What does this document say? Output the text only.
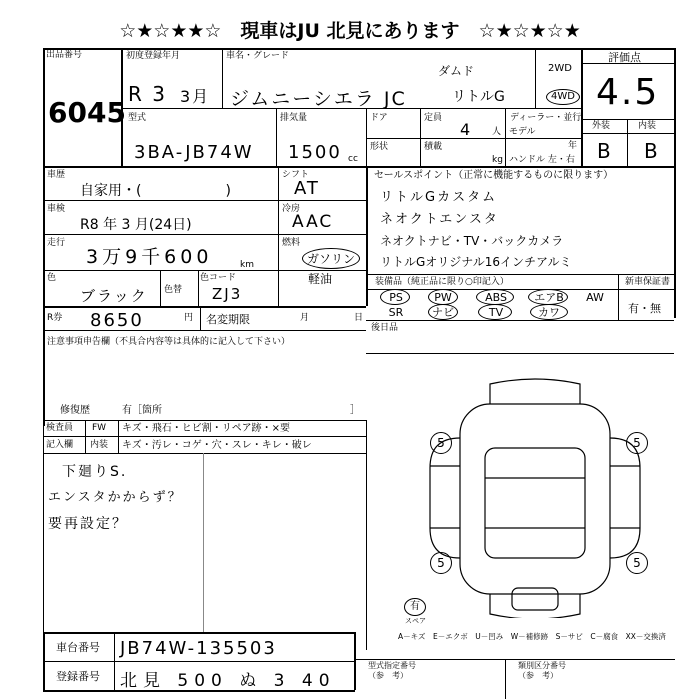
☆★☆★★☆　現車はJU 北見にあります　☆★☆★☆★
出品番号
6045
初度登録年月
R 3 3月
車名・グレード
ジムニーシエラ JC
ダムド
リトルG
2WD
4WD
評価点
4.5
外装	内装
B B
型式
3BA-JB74W
排気量
1500 cc
ドア	定員
4 人
ディーラー・並行
モデル
年
形状	積載
kg ハンドル 左・右
車歴
自家用・(　　　　　　)
シフト
AT
車検
R8 年 3 月(24日)
冷房
AAC
走行
3万9千600	km
燃料
ガソリン
軽油
色
ブラック 色替
色コード
ZJ3
R券 8650	円 名変期限	月	日
注意事項申告欄（不具合内容等は具体的に記入して下さい）
修復歴	有［箇所	］
検査員
記入欄
FW キズ・飛石・ヒビ割・リペア跡・×要
内装 キズ・汚レ・コゲ・穴・スレ・キレ・破レ
下廻りS.
エンスタかからず？
要再設定？
セールスポイント（正常に機能するものに限ります）
リトルGカスタム
ネオクトエンスタ
ネオクトナビ・TV・バックカメラ
リトルGオリジナル16インチアルミ
装備品（純正品に限り○印記入）	新車保証書
有・無
PS	PW	ABS	エアB	AW
SR	ナビ	TV	カワ
後日品
5	5
5	5
有
スペア
A－キズ　E－エクボ　U－凹み　W－補修跡　S－サビ　C－腐食　XX－交換済
車台番号 JB74W-135503
登録番号 北見 500 ぬ 3 40
型式指定番号
（参　考）
類別区分番号
（参　考）
